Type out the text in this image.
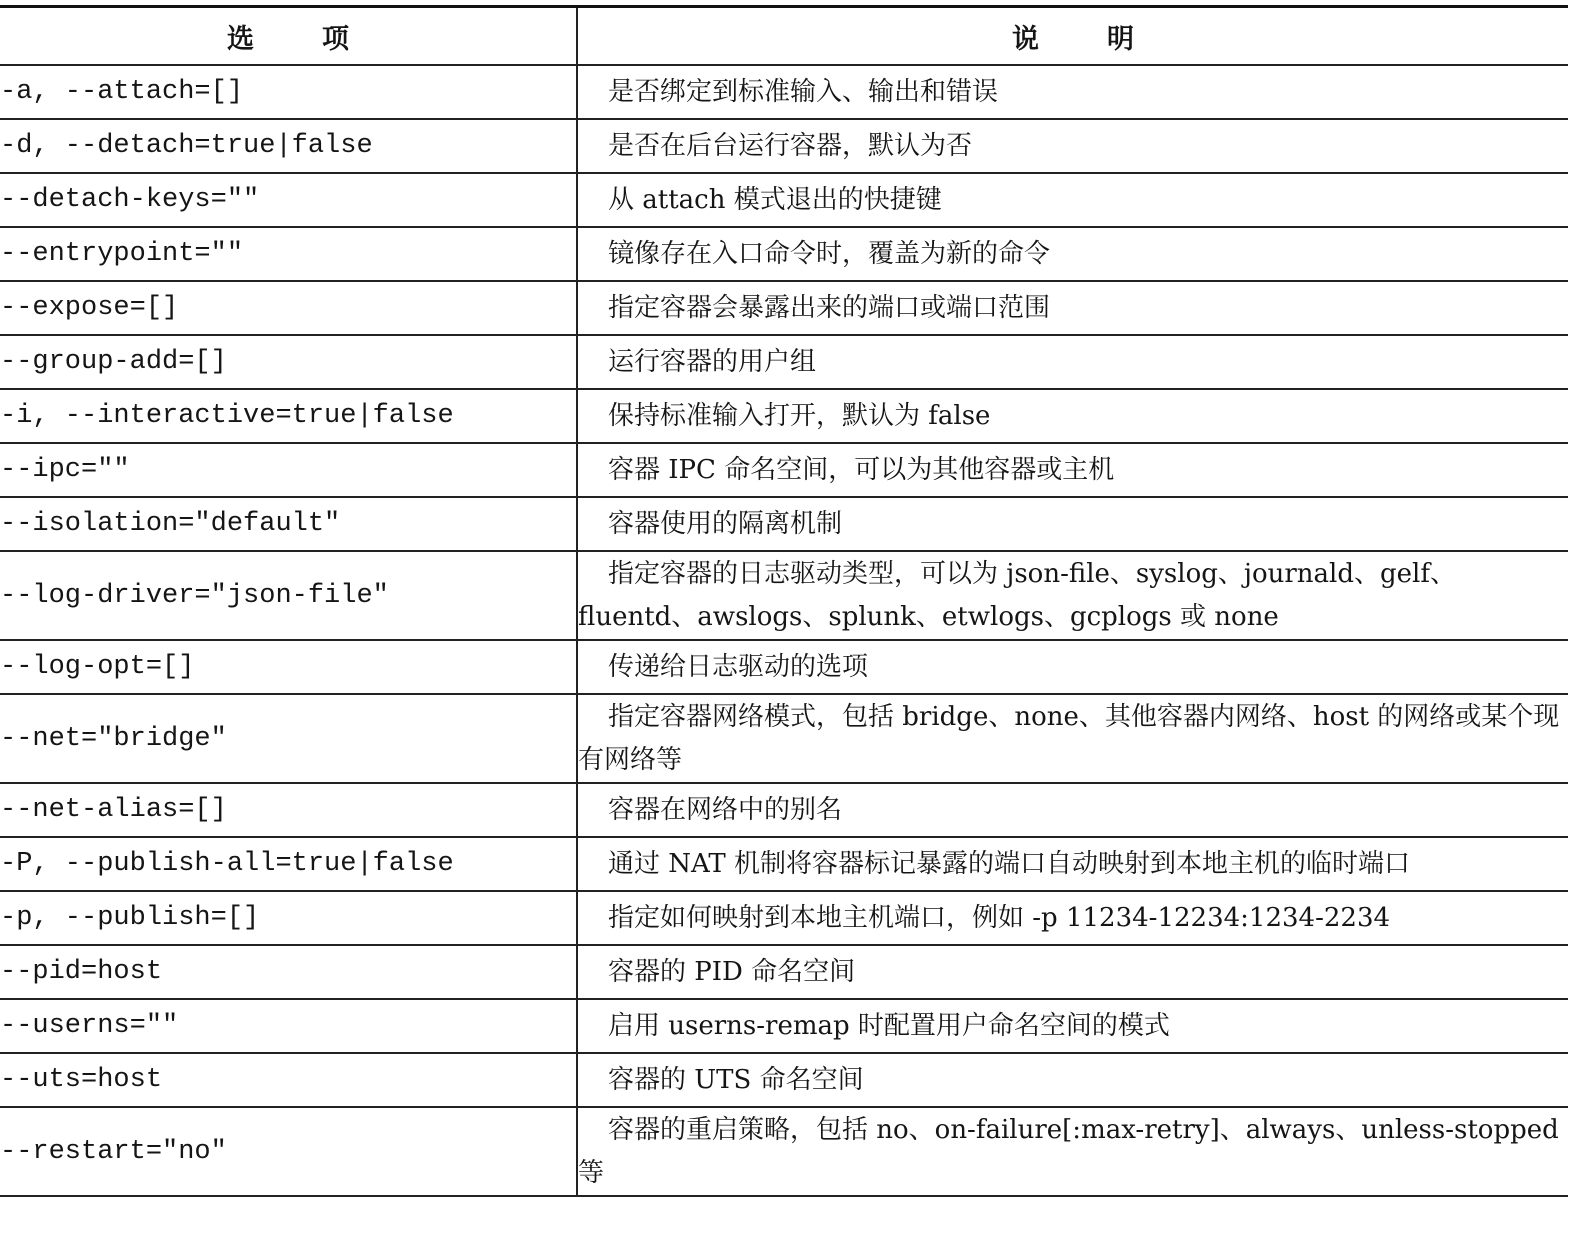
选项	说明
-a, --attach=[]	是否绑定到标准输入、输出和错误
-d, --detach=true|false	是否在后台运行容器，默认为否
--detach-keys=""	从 attach 模式退出的快捷键
--entrypoint=""	镜像存在入口命令时，覆盖为新的命令
--expose=[]	指定容器会暴露出来的端口或端口范围
--group-add=[]	运行容器的用户组
-i, --interactive=true|false	保持标准输入打开，默认为 false
--ipc=""	容器 IPC 命名空间，可以为其他容器或主机
--isolation="default"	容器使用的隔离机制
--log-driver="json-file"	指定容器的日志驱动类型，可以为 json-file、syslog、journald、gelf、fluentd、awslogs、splunk、etwlogs、gcplogs 或 none
--log-opt=[]	传递给日志驱动的选项
--net="bridge"	指定容器网络模式，包括 bridge、none、其他容器内网络、host 的网络或某个现有网络等
--net-alias=[]	容器在网络中的别名
-P, --publish-all=true|false	通过 NAT 机制将容器标记暴露的端口自动映射到本地主机的临时端口
-p, --publish=[]	指定如何映射到本地主机端口，例如 -p 11234-12234:1234-2234
--pid=host	容器的 PID 命名空间
--userns=""	启用 userns-remap 时配置用户命名空间的模式
--uts=host	容器的 UTS 命名空间
--restart="no"	容器的重启策略，包括 no、on-failure[:max-retry]、always、unless-stopped 等
